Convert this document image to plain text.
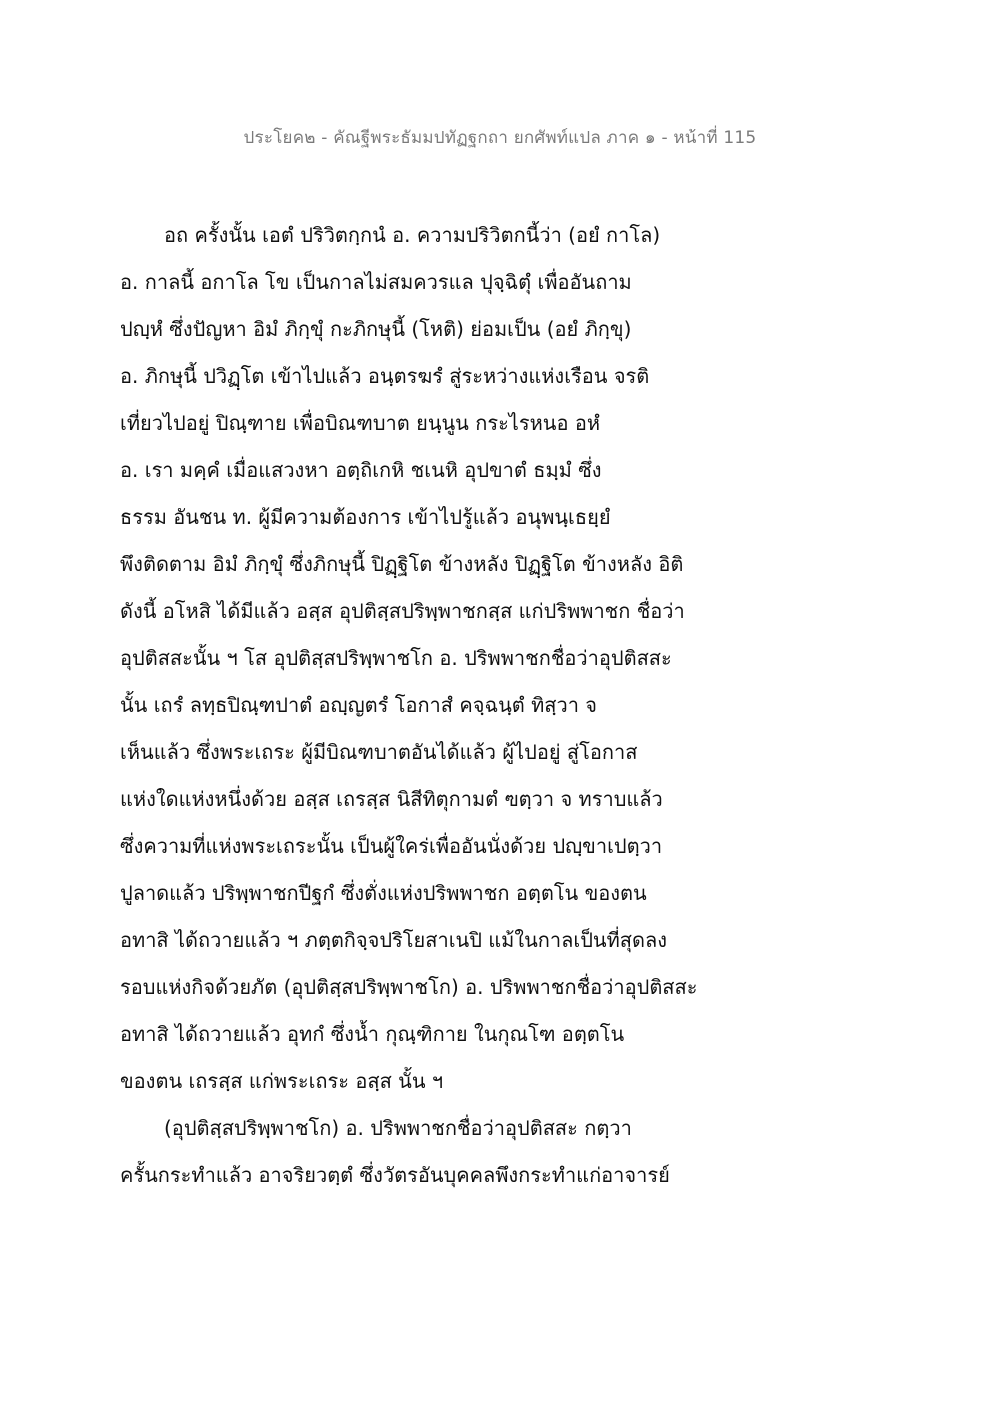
ประโยค๒ - คัณฐีพระธัมมปทัฏฐกถา ยกศัพท์แปล ภาค ๑ - หน้าที่ 115
อถ ครั้งนั้น เอตํ ปริวิตกฺกนํ อ. ความปริวิตกนี้ว่า (อยํ กาโล)
อ. กาลนี้ อกาโล โข เป็นกาลไม่สมควรแล ปุจฺฉิตุํ เพื่ออันถาม
ปญฺหํ ซึ่งปัญหา อิมํ ภิกฺขุํ กะภิกษุนี้ (โหติ) ย่อมเป็น (อยํ ภิกฺขุ)
อ. ภิกษุนี้ ปวิฏฺโต เข้าไปแล้ว อนฺตรฆรํ สู่ระหว่างแห่งเรือน จรติ
เที่ยวไปอยู่ ปิณฺฑาย เพื่อบิณฑบาต ยนฺนูน กระไรหนอ อหํ
อ. เรา มคฺคํ เมื่อแสวงหา อตฺถิเกหิ ชเนหิ อุปขาตํ ธมฺมํ ซึ่ง
ธรรม อันชน ท. ผู้มีความต้องการ เข้าไปรู้แล้ว อนุพนฺเธยฺยํ
พึงติดตาม อิมํ ภิกฺขุํ ซึ่งภิกษุนี้ ปิฏฺฐิโต ข้างหลัง ปิฏฺฐิโต ข้างหลัง อิติ
ดังนี้ อโหสิ ได้มีแล้ว อสฺส อุปติสฺสปริพฺพาชกสฺส แก่ปริพพาชก ชื่อว่า
อุปติสสะนั้น ฯ โส อุปติสฺสปริพฺพาชโก อ. ปริพพาชกชื่อว่าอุปติสสะ
นั้น เถรํ ลทฺธปิณฺฑปาตํ อญฺญตรํ โอกาสํ คจฺฉนฺตํ ทิสฺวา จ
เห็นแล้ว ซึ่งพระเถระ ผู้มีบิณฑบาตอันได้แล้ว ผู้ไปอยู่ สู่โอกาส
แห่งใดแห่งหนึ่งด้วย อสฺส เถรสฺส นิสีทิตุกามตํ ฃตฺวา จ ทราบแล้ว
ซึ่งความที่แห่งพระเถระนั้น เป็นผู้ใคร่เพื่ออันนั่งด้วย ปญฺขาเปตฺวา
ปูลาดแล้ว ปริพฺพาชกปีฐกํ ซึ่งตั่งแห่งปริพพาชก อตฺตโน ของตน
อทาสิ ได้ถวายแล้ว ฯ ภตฺตกิจฺจปริโยสาเนปิ แม้ในกาลเป็นที่สุดลง
รอบแห่งกิจด้วยภัต (อุปติสฺสปริพฺพาชโก) อ. ปริพพาชกชื่อว่าอุปติสสะ
อทาสิ ได้ถวายแล้ว อุทกํ ซึ่งน้ำ กุณฺฑิกาย ในกุณโฑ อตฺตโน
ของตน เถรสฺส แก่พระเถระ อสฺส นั้น ฯ
(อุปติสฺสปริพฺพาชโก) อ. ปริพพาชกชื่อว่าอุปติสสะ กตฺวา
ครั้นกระทำแล้ว อาจริยวตฺตํ ซึ่งวัตรอันบุคคลพึงกระทำแก่อาจารย์
